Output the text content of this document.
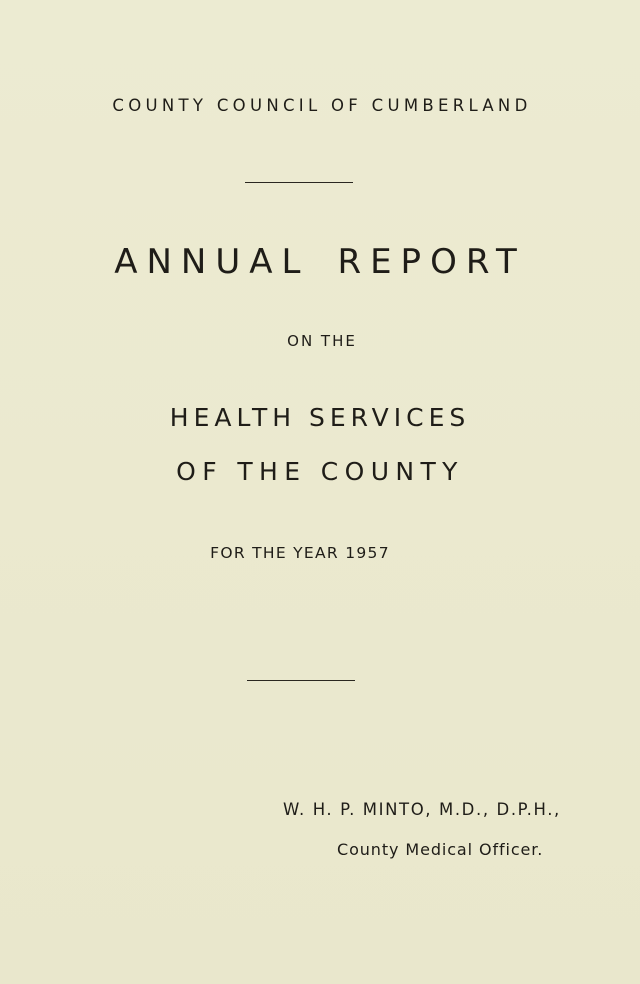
COUNTY COUNCIL OF CUMBERLAND
ANNUAL REPORT
ON THE
HEALTH SERVICES
OF THE COUNTY
FOR THE YEAR 1957
W. H. P. MINTO, M.D., D.P.H.,
County Medical Officer.
